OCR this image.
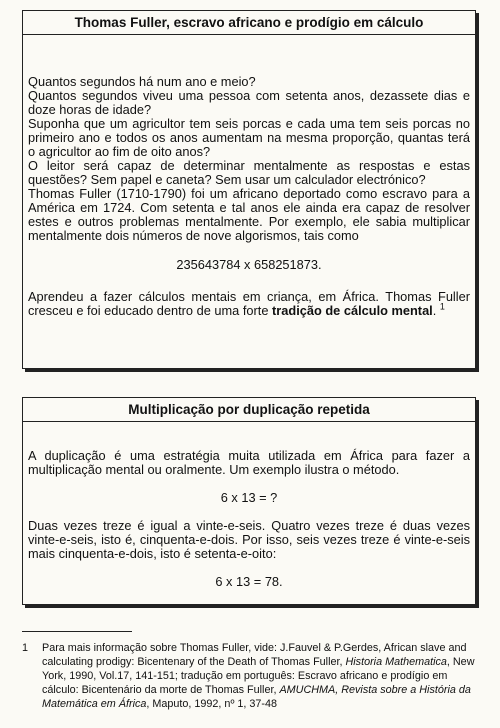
Thomas Fuller, escravo africano e prodígio em cálculo

Quantos segundos há num ano e meio?

Quantos segundos viveu uma pessoa com setenta anos, dezassete dias e doze horas de idade?

Suponha que um agricultor tem seis porcas e cada uma tem seis porcas no primeiro ano e todos os anos aumentam na mesma proporção, quantas terá o agricultor ao fim de oito anos?

O leitor será capaz de determinar mentalmente as respostas e estas questões? Sem papel e caneta? Sem usar um calculador electrónico?

Thomas Fuller (1710-1790) foi um africano deportado como escravo para a América em 1724. Com setenta e tal anos ele ainda era capaz de resolver estes e outros problemas mentalmente. Por exemplo, ele sabia multiplicar mentalmente dois números de nove algorismos, tais como

235643784 x 658251873.

Aprendeu a fazer cálculos mentais em criança, em África. Thomas Fuller cresceu e foi educado dentro de uma forte tradição de cálculo mental. $^1$

Multiplicação por duplicação repetida

A duplicação é uma estratégia muita utilizada em África para fazer a multiplicação mental ou oralmente. Um exemplo ilustra o método.

6 x 13 = ?

Duas vezes treze é igual a vinte-e-seis. Quatro vezes treze é duas vezes vinte-e-seis, isto é, cinquenta-e-dois. Por isso, seis vezes treze é vinte-e-seis mais cinquenta-e-dois, isto é setenta-e-oito:

6 x 13 = 78.

1 Para mais informação sobre Thomas Fuller, vide: J.Fauvel & P.Gerdes, African slave and calculating prodigy: Bicentenary of the Death of Thomas Fuller, Historia Mathematica, New York, 1990, Vol.17, 141-151; tradução em português: Escravo africano e prodígio em cálculo: Bicentenário da morte de Thomas Fuller, AMUCHMA, Revista sobre a História da Matemática em África, Maputo, 1992, nº 1, 37-48
